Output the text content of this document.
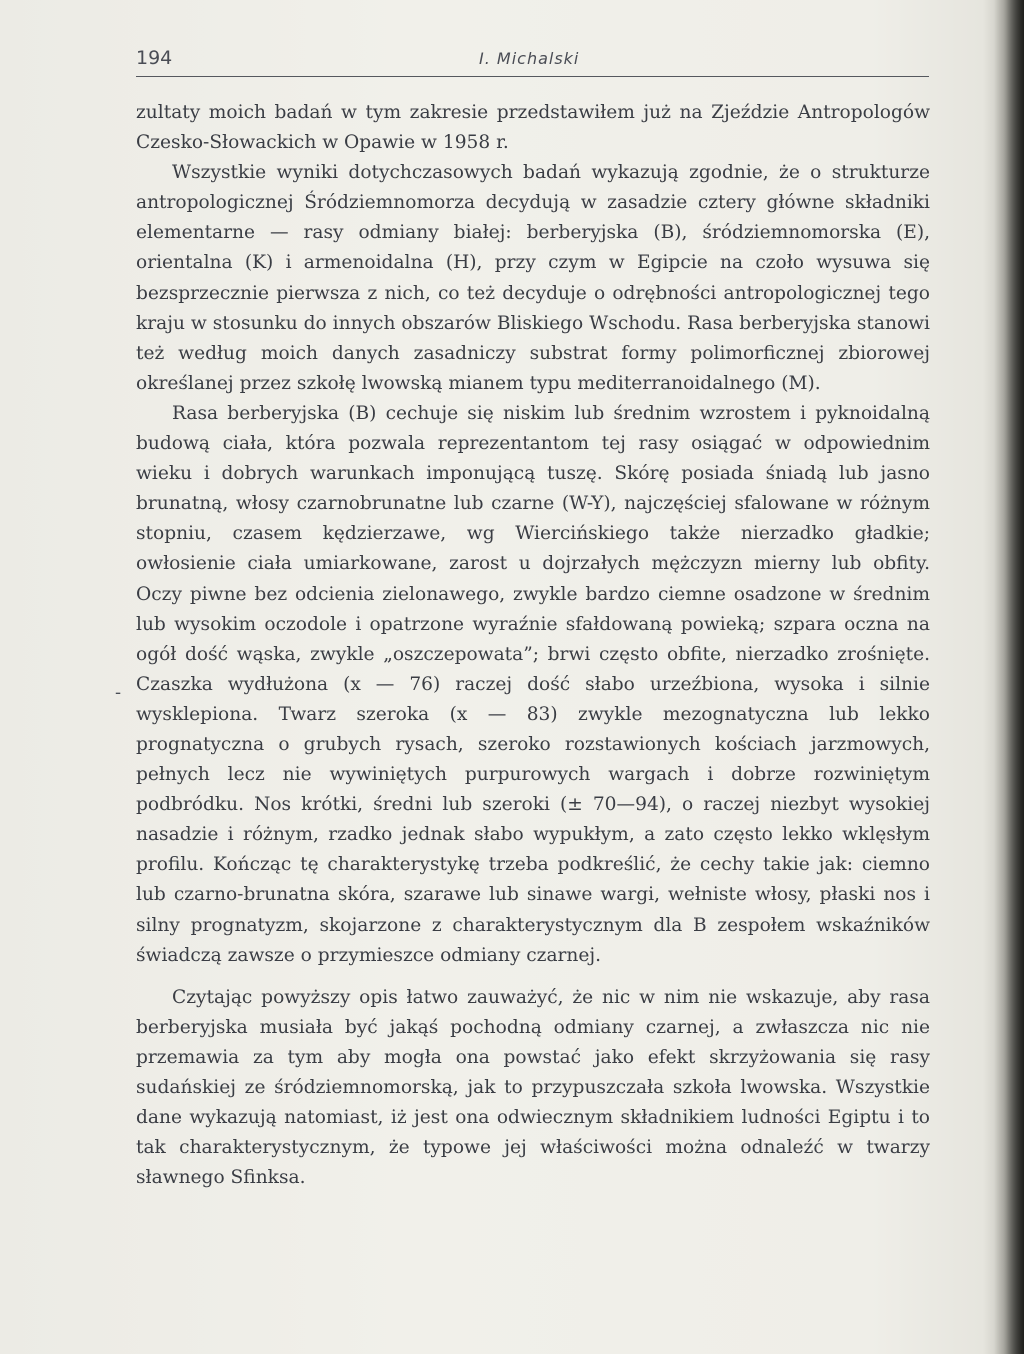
194	I. Michalski
-

zultaty moich badań w tym zakresie przedstawiłem już na Zjeździe Antropologów Czesko-Słowackich w Opawie w 1958 r.

Wszystkie wyniki dotychczasowych badań wykazują zgodnie, że o strukturze antropologicznej Śródziemnomorza decydują w zasadzie cztery główne składniki elementarne — rasy odmiany białej: berberyjska (B), śródziemnomorska (E), orientalna (K) i armenoidalna (H), przy czym w Egipcie na czoło wysuwa się bezsprzecznie pierwsza z nich, co też decyduje o odrębności antropologicznej tego kraju w stosunku do innych obszarów Bliskiego Wschodu. Rasa berberyjska stanowi też według moich danych zasadniczy substrat formy polimorficznej zbiorowej określanej przez szkołę lwowską mianem typu mediterranoidalnego (M).

Rasa berberyjska (B) cechuje się niskim lub średnim wzrostem i pyknoidalną budową ciała, która pozwala reprezentantom tej rasy osiągać w odpowiednim wieku i dobrych warunkach imponującą tuszę. Skórę posiada śniadą lub jasno brunatną, włosy czarnobrunatne lub czarne (W-Y), najczęściej sfalowane w różnym stopniu, czasem kędzierzawe, wg Wiercińskiego także nierzadko gładkie; owłosienie ciała umiarkowane, zarost u dojrzałych mężczyzn mierny lub obfity. Oczy piwne bez odcienia zielonawego, zwykle bardzo ciemne osadzone w średnim lub wysokim oczodole i opatrzone wyraźnie sfałdowaną powieką; szpara oczna na ogół dość wąska, zwykle „oszczepowata”; brwi często obfite, nierzadko zrośnięte. Czaszka wydłużona (x — 76) raczej dość słabo urzeźbiona, wysoka i silnie wysklepiona. Twarz szeroka (x — 83) zwykle mezognatyczna lub lekko prognatyczna o grubych rysach, szeroko rozstawionych kościach jarzmowych, pełnych lecz nie wywiniętych purpurowych wargach i dobrze rozwiniętym podbródku. Nos krótki, średni lub szeroki (± 70—94), o raczej niezbyt wysokiej nasadzie i różnym, rzadko jednak słabo wypukłym, a zato często lekko wklęsłym profilu. Kończąc tę charakterystykę trzeba podkreślić, że cechy takie jak: ciemno lub czarno-brunatna skóra, szarawe lub sinawe wargi, wełniste włosy, płaski nos i silny prognatyzm, skojarzone z charakterystycznym dla B zespołem wskaźników świadczą zawsze o przymieszce odmiany czarnej.

Czytając powyższy opis łatwo zauważyć, że nic w nim nie wskazuje, aby rasa berberyjska musiała być jakąś pochodną odmiany czarnej, a zwłaszcza nic nie przemawia za tym aby mogła ona powstać jako efekt skrzyżowania się rasy sudańskiej ze śródziemnomorską, jak to przypuszczała szkoła lwowska. Wszystkie dane wykazują natomiast, iż jest ona odwiecznym składnikiem ludności Egiptu i to tak charakterystycznym, że typowe jej właściwości można odnaleźć w twarzy sławnego Sfinksa.
